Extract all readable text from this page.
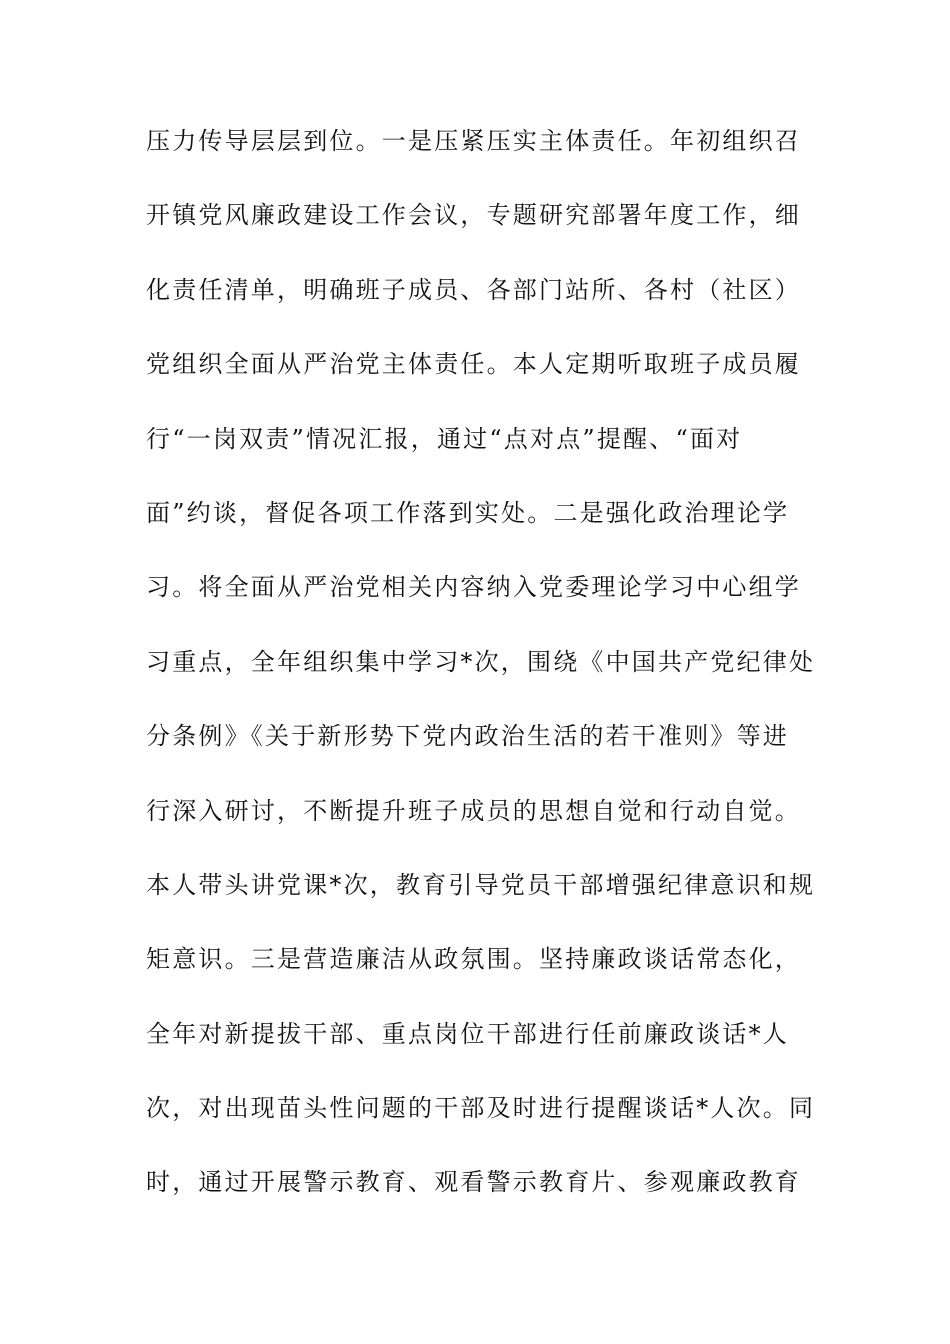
压力传导层层到位。一是压紧压实主体责任。年初组织召
开镇党风廉政建设工作会议，专题研究部署年度工作，细
化责任清单，明确班子成员、各部门站所、各村（社区）
党组织全面从严治党主体责任。本人定期听取班子成员履
行“一岗双责”情况汇报，通过“点对点”提醒、“面对
面”约谈，督促各项工作落到实处。二是强化政治理论学
习。将全面从严治党相关内容纳入党委理论学习中心组学
习重点，全年组织集中学习*次，围绕《中国共产党纪律处
分条例》《关于新形势下党内政治生活的若干准则》等进
行深入研讨，不断提升班子成员的思想自觉和行动自觉。
本人带头讲党课*次，教育引导党员干部增强纪律意识和规
矩意识。三是营造廉洁从政氛围。坚持廉政谈话常态化，
全年对新提拔干部、重点岗位干部进行任前廉政谈话*人
次，对出现苗头性问题的干部及时进行提醒谈话*人次。同
时，通过开展警示教育、观看警示教育片、参观廉政教育
